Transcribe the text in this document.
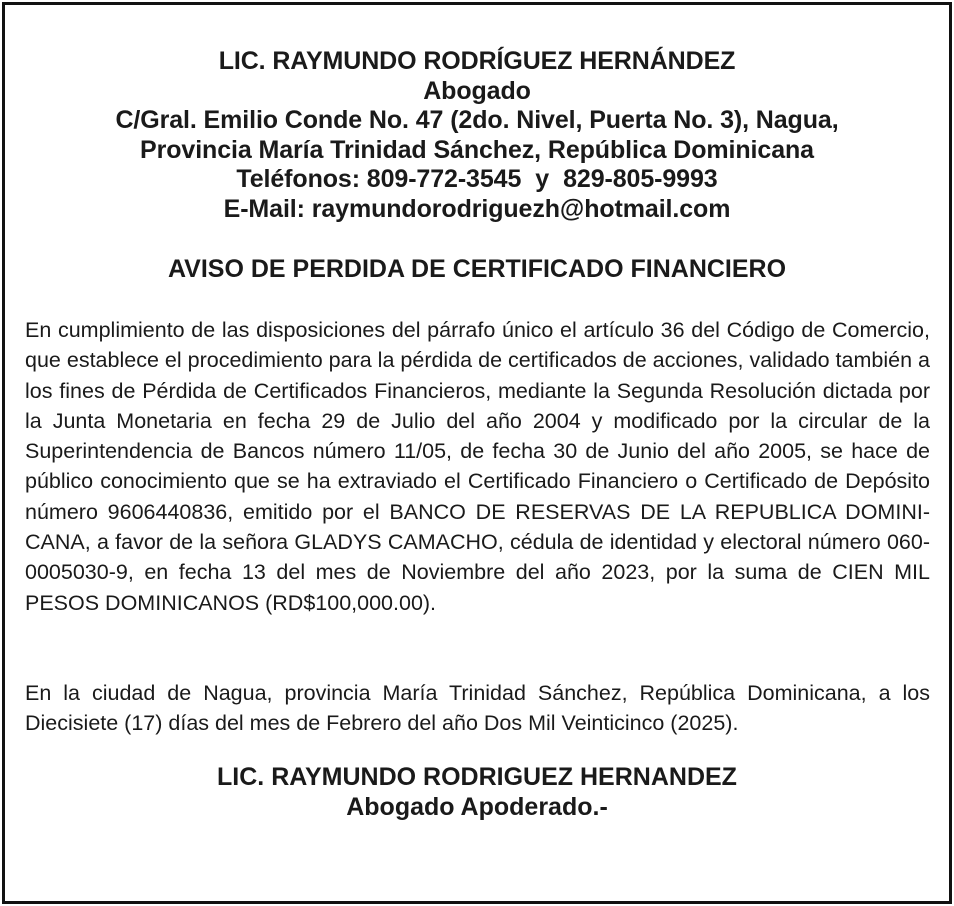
LIC. RAYMUNDO RODRÍGUEZ HERNÁNDEZ
Abogado
C/Gral. Emilio Conde No. 47 (2do. Nivel, Puerta No. 3), Nagua,
Provincia María Trinidad Sánchez, República Dominicana
Teléfonos: 809-772-3545 y 829-805-9993
E-Mail: raymundorodriguezh@hotmail.com
AVISO DE PERDIDA DE CERTIFICADO FINANCIERO
En cumplimiento de las disposiciones del párrafo único el artículo 36 del Código de Comercio, que establece el procedimiento para la pérdida de certificados de acciones, validado también a los fines de Pérdida de Certificados Financieros, mediante la Segunda Resolución dictada por la Junta Monetaria en fecha 29 de Julio del año 2004 y modificado por la circular de la Superintendencia de Bancos número 11/05, de fecha 30 de Junio del año 2005, se hace de público conocimiento que se ha extraviado el Certificado Financiero o Certificado de Depósito número 9606440836, emitido por el BANCO DE RESERVAS DE LA REPUBLICA DOMINICANA, a favor de la señora GLADYS CAMACHO, cédula de identidad y electoral número 060-0005030-9, en fecha 13 del mes de Noviembre del año 2023, por la suma de CIEN MIL PESOS DOMINICANOS (RD$100,000.00).
En la ciudad de Nagua, provincia María Trinidad Sánchez, República Dominicana, a los Diecisiete (17) días del mes de Febrero del año Dos Mil Veinticinco (2025).
LIC. RAYMUNDO RODRIGUEZ HERNANDEZ
Abogado Apoderado.-
